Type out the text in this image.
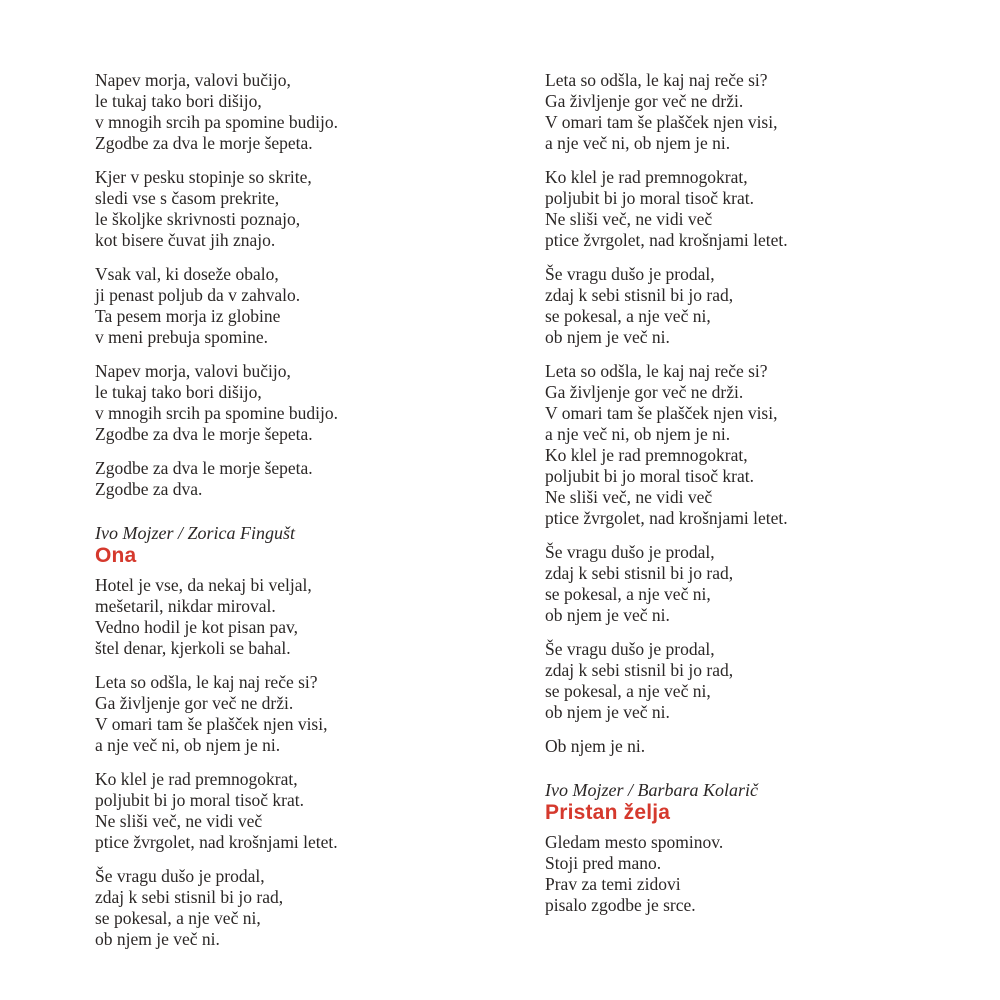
Napev morja, valovi bučijo,
le tukaj tako bori dišijo,
v mnogih srcih pa spomine budijo.
Zgodbe za dva le morje šepeta.
Kjer v pesku stopinje so skrite,
sledi vse s časom prekrite,
le školjke skrivnosti poznajo,
kot bisere čuvat jih znajo.
Vsak val, ki doseže obalo,
ji penast poljub da v zahvalo.
Ta pesem morja iz globine
v meni prebuja spomine.
Napev morja, valovi bučijo,
le tukaj tako bori dišijo,
v mnogih srcih pa spomine budijo.
Zgodbe za dva le morje šepeta.
Zgodbe za dva le morje šepeta.
Zgodbe za dva.
Ivo Mojzer / Zorica Fingušt
Ona
Hotel je vse, da nekaj bi veljal,
mešetaril, nikdar miroval.
Vedno hodil je kot pisan pav,
štel denar, kjerkoli se bahal.
Leta so odšla, le kaj naj reče si?
Ga življenje gor več ne drži.
V omari tam še plašček njen visi,
a nje več ni, ob njem je ni.
Ko klel je rad premnogokrat,
poljubit bi jo moral tisoč krat.
Ne sliši več, ne vidi več
ptice žvrgolet, nad krošnjami letet.
Še vragu dušo je prodal,
zdaj k sebi stisnil bi jo rad,
se pokesal, a nje več ni,
ob njem je več ni.
Leta so odšla, le kaj naj reče si?
Ga življenje gor več ne drži.
V omari tam še plašček njen visi,
a nje več ni, ob njem je ni.
Ko klel je rad premnogokrat,
poljubit bi jo moral tisoč krat.
Ne sliši več, ne vidi več
ptice žvrgolet, nad krošnjami letet.
Še vragu dušo je prodal,
zdaj k sebi stisnil bi jo rad,
se pokesal, a nje več ni,
ob njem je več ni.
Leta so odšla, le kaj naj reče si?
Ga življenje gor več ne drži.
V omari tam še plašček njen visi,
a nje več ni, ob njem je ni.
Ko klel je rad premnogokrat,
poljubit bi jo moral tisoč krat.
Ne sliši več, ne vidi več
ptice žvrgolet, nad krošnjami letet.
Še vragu dušo je prodal,
zdaj k sebi stisnil bi jo rad,
se pokesal, a nje več ni,
ob njem je več ni.
Še vragu dušo je prodal,
zdaj k sebi stisnil bi jo rad,
se pokesal, a nje več ni,
ob njem je več ni.
Ob njem je ni.
Ivo Mojzer / Barbara Kolarič
Pristan želja
Gledam mesto spominov.
Stoji pred mano.
Prav za temi zidovi
pisalo zgodbe je srce.
